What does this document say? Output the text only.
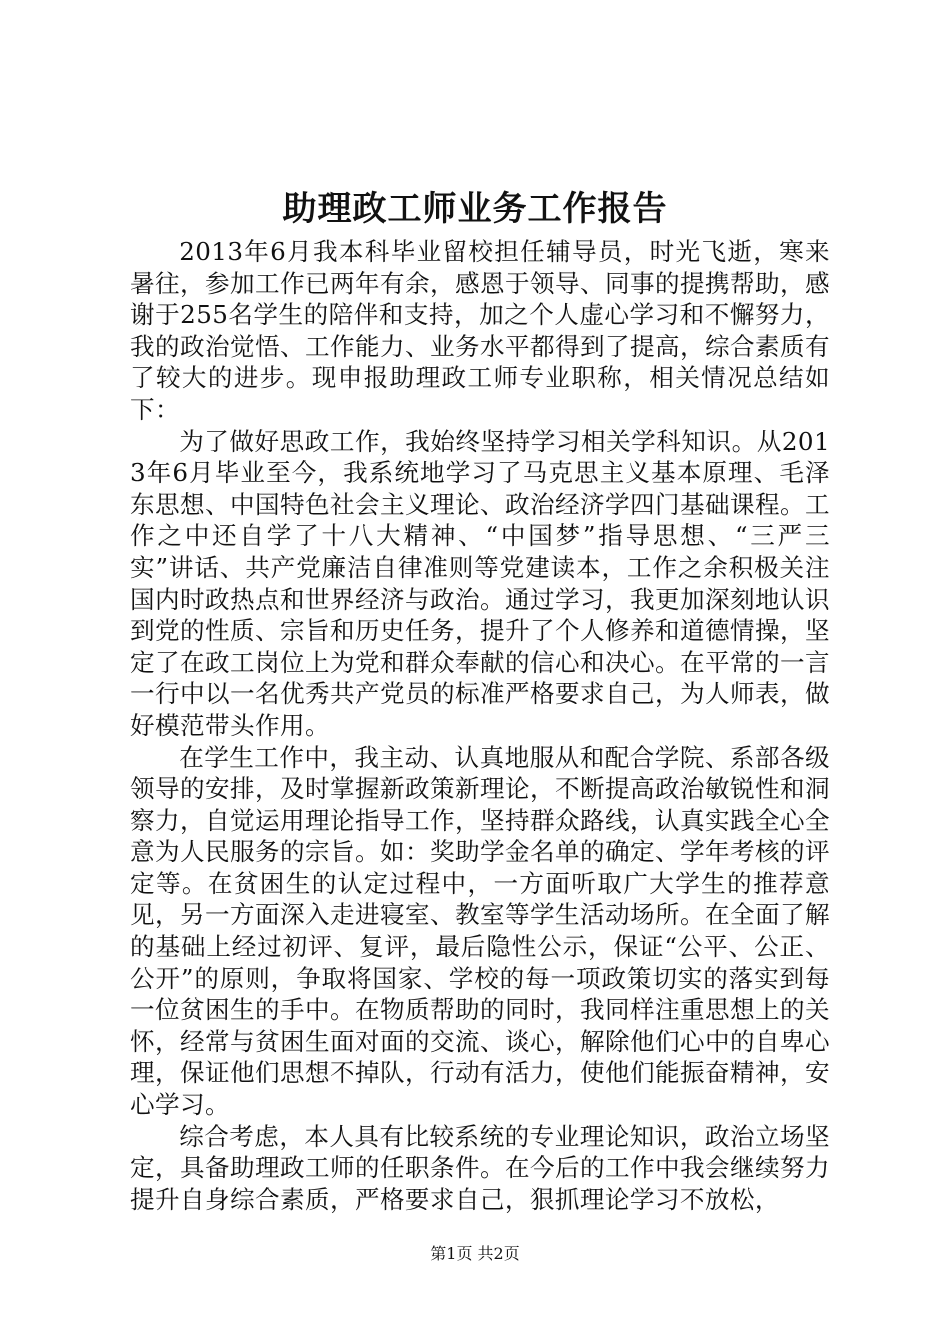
助理政工师业务工作报告

2013年6月我本科毕业留校担任辅导员，时光飞逝，寒来暑往，参加工作已两年有余，感恩于领导、同事的提携帮助，感谢于255名学生的陪伴和支持，加之个人虚心学习和不懈努力，我的政治觉悟、工作能力、业务水平都得到了提高，综合素质有了较大的进步。现申报助理政工师专业职称，相关情况总结如下：

为了做好思政工作，我始终坚持学习相关学科知识。从2013年6月毕业至今，我系统地学习了马克思主义基本原理、毛泽东思想、中国特色社会主义理论、政治经济学四门基础课程。工作之中还自学了十八大精神、“中国梦”指导思想、“三严三实”讲话、共产党廉洁自律准则等党建读本，工作之余积极关注国内时政热点和世界经济与政治。通过学习，我更加深刻地认识到党的性质、宗旨和历史任务，提升了个人修养和道德情操，坚定了在政工岗位上为党和群众奉献的信心和决心。在平常的一言一行中以一名优秀共产党员的标准严格要求自己，为人师表，做好模范带头作用。

在学生工作中，我主动、认真地服从和配合学院、系部各级领导的安排，及时掌握新政策新理论，不断提高政治敏锐性和洞察力，自觉运用理论指导工作，坚持群众路线，认真实践全心全意为人民服务的宗旨。如：奖助学金名单的确定、学年考核的评定等。在贫困生的认定过程中，一方面听取广大学生的推荐意见，另一方面深入走进寝室、教室等学生活动场所。在全面了解的基础上经过初评、复评，最后隐性公示，保证“公平、公正、公开”的原则，争取将国家、学校的每一项政策切实的落实到每一位贫困生的手中。在物质帮助的同时，我同样注重思想上的关怀，经常与贫困生面对面的交流、谈心，解除他们心中的自卑心理，保证他们思想不掉队，行动有活力，使他们能振奋精神，安心学习。

综合考虑，本人具有比较系统的专业理论知识，政治立场坚定，具备助理政工师的任职条件。在今后的工作中我会继续努力提升自身综合素质，严格要求自己，狠抓理论学习不放松，

第1页 共2页
